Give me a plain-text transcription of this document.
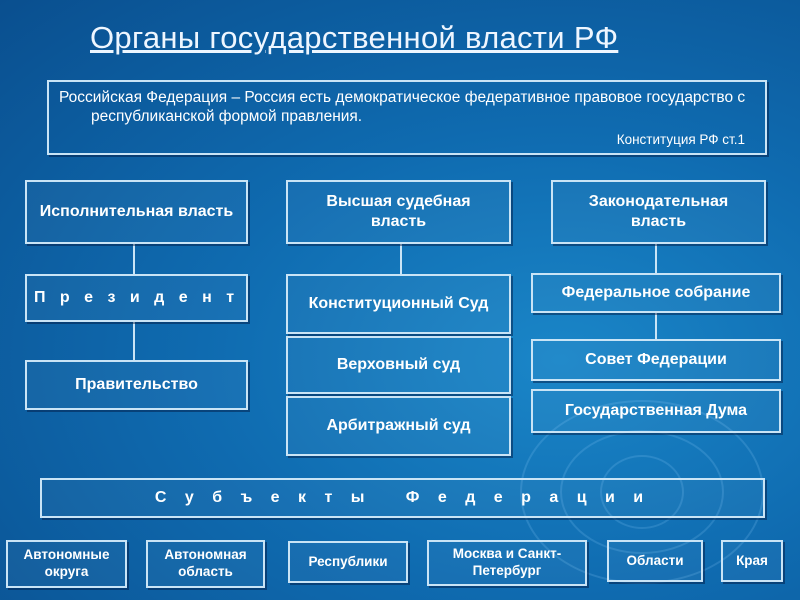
Органы государственной власти РФ
Российская Федерация – Россия есть демократическое федеративное правовое государство с республиканской формой правления.
Конституция РФ ст.1
Исполнительная власть
П р е з и д е н т
Правительство
Высшая судебная власть
Конституционный Суд
Верховный суд
Арбитражный суд
Законодательная власть
Федеральное собрание
Совет Федерации
Государственная Дума
С у б ъ е к т ы   Ф е д е р а ц и и
Автономные округа
Автономная область
Республики	Москва и Санкт-Петербург
Области	Края
